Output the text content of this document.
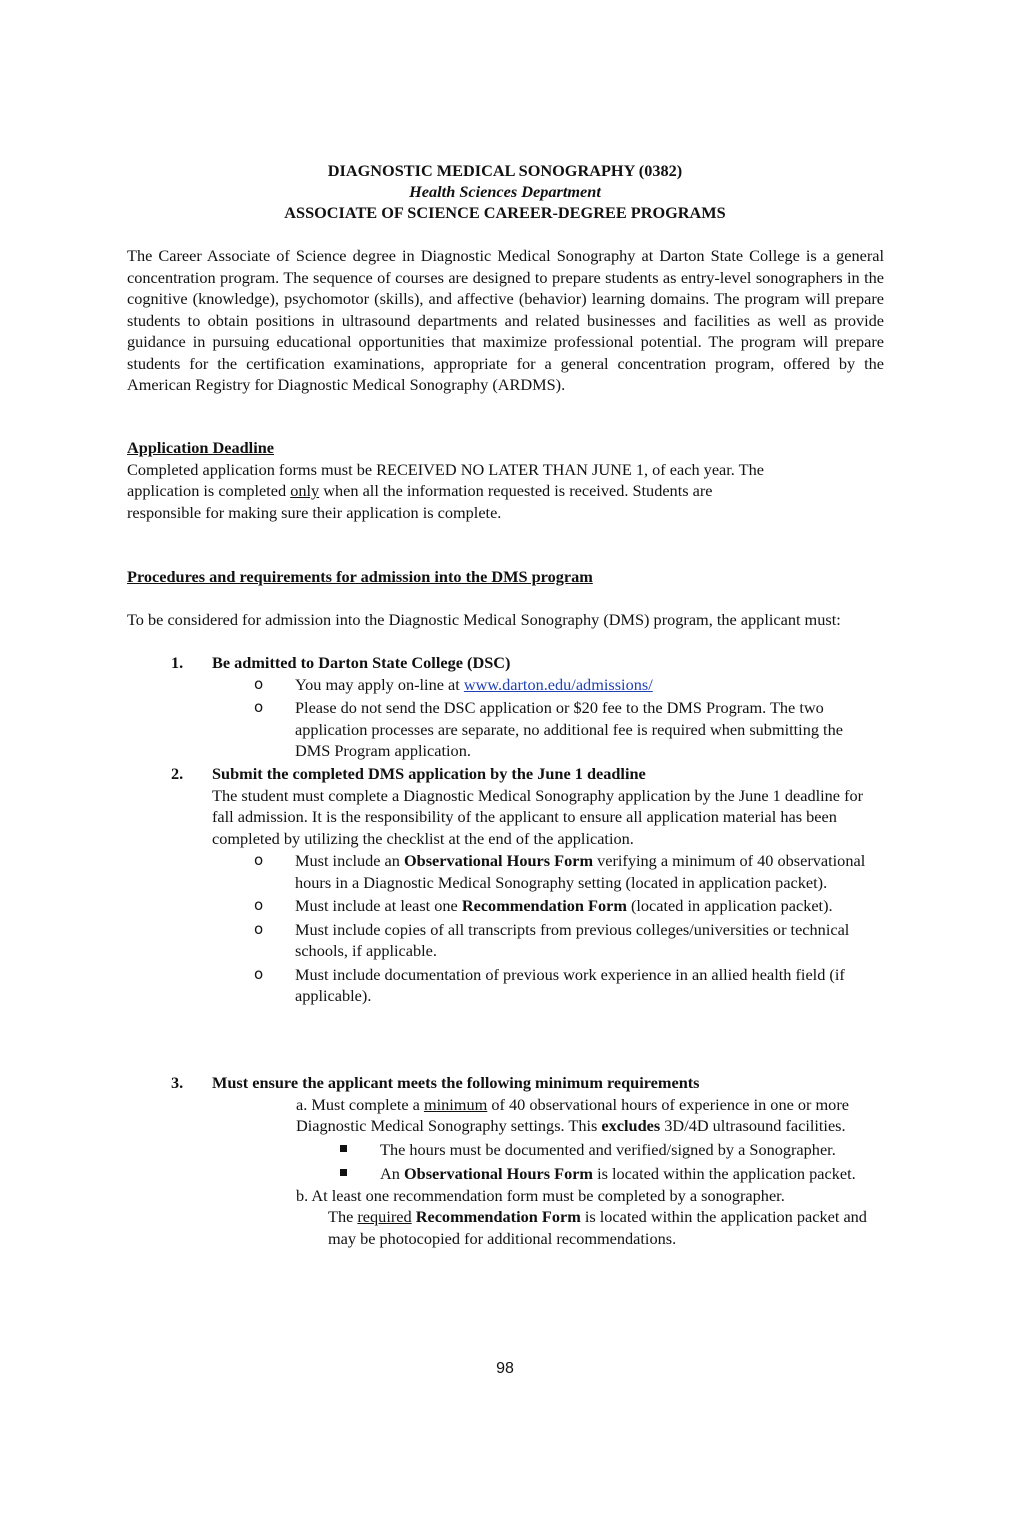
DIAGNOSTIC MEDICAL SONOGRAPHY (0382)
Health Sciences Department
ASSOCIATE OF SCIENCE CAREER-DEGREE PROGRAMS

The Career Associate of Science degree in Diagnostic Medical Sonography at Darton State College is a general concentration program. The sequence of courses are designed to prepare students as entry-level sonographers in the cognitive (knowledge), psychomotor (skills), and affective (behavior) learning domains. The program will prepare students to obtain positions in ultrasound departments and related businesses and facilities as well as provide guidance in pursuing educational opportunities that maximize professional potential. The program will prepare students for the certification examinations, appropriate for a general concentration program, offered by the American Registry for Diagnostic Medical Sonography (ARDMS).

Application Deadline
Completed application forms must be RECEIVED NO LATER THAN JUNE 1, of each year. The
application is completed only when all the information requested is received. Students are
responsible for making sure their application is complete.
Procedures and requirements for admission into the DMS program
To be considered for admission into the Diagnostic Medical Sonography (DMS) program, the applicant must:
1. Be admitted to Darton State College (DSC)
o You may apply on-line at www.darton.edu/admissions/
o Please do not send the DSC application or $20 fee to the DMS Program. The two application processes are separate, no additional fee is required when submitting the DMS Program application.
2. Submit the completed DMS application by the June 1 deadline
The student must complete a Diagnostic Medical Sonography application by the June 1 deadline for fall admission. It is the responsibility of the applicant to ensure all application material has been completed by utilizing the checklist at the end of the application.
o Must include an Observational Hours Form verifying a minimum of 40 observational hours in a Diagnostic Medical Sonography setting (located in application packet).
o Must include at least one Recommendation Form (located in application packet).
o Must include copies of all transcripts from previous colleges/universities or technical schools, if applicable.
o Must include documentation of previous work experience in an allied health field (if applicable).
3. Must ensure the applicant meets the following minimum requirements
a. Must complete a minimum of 40 observational hours of experience in one or more Diagnostic Medical Sonography settings. This excludes 3D/4D ultrasound facilities.
The hours must be documented and verified/signed by a Sonographer.
An Observational Hours Form is located within the application packet.
b. At least one recommendation form must be completed by a sonographer.
The required Recommendation Form is located within the application packet and may be photocopied for additional recommendations.
98
